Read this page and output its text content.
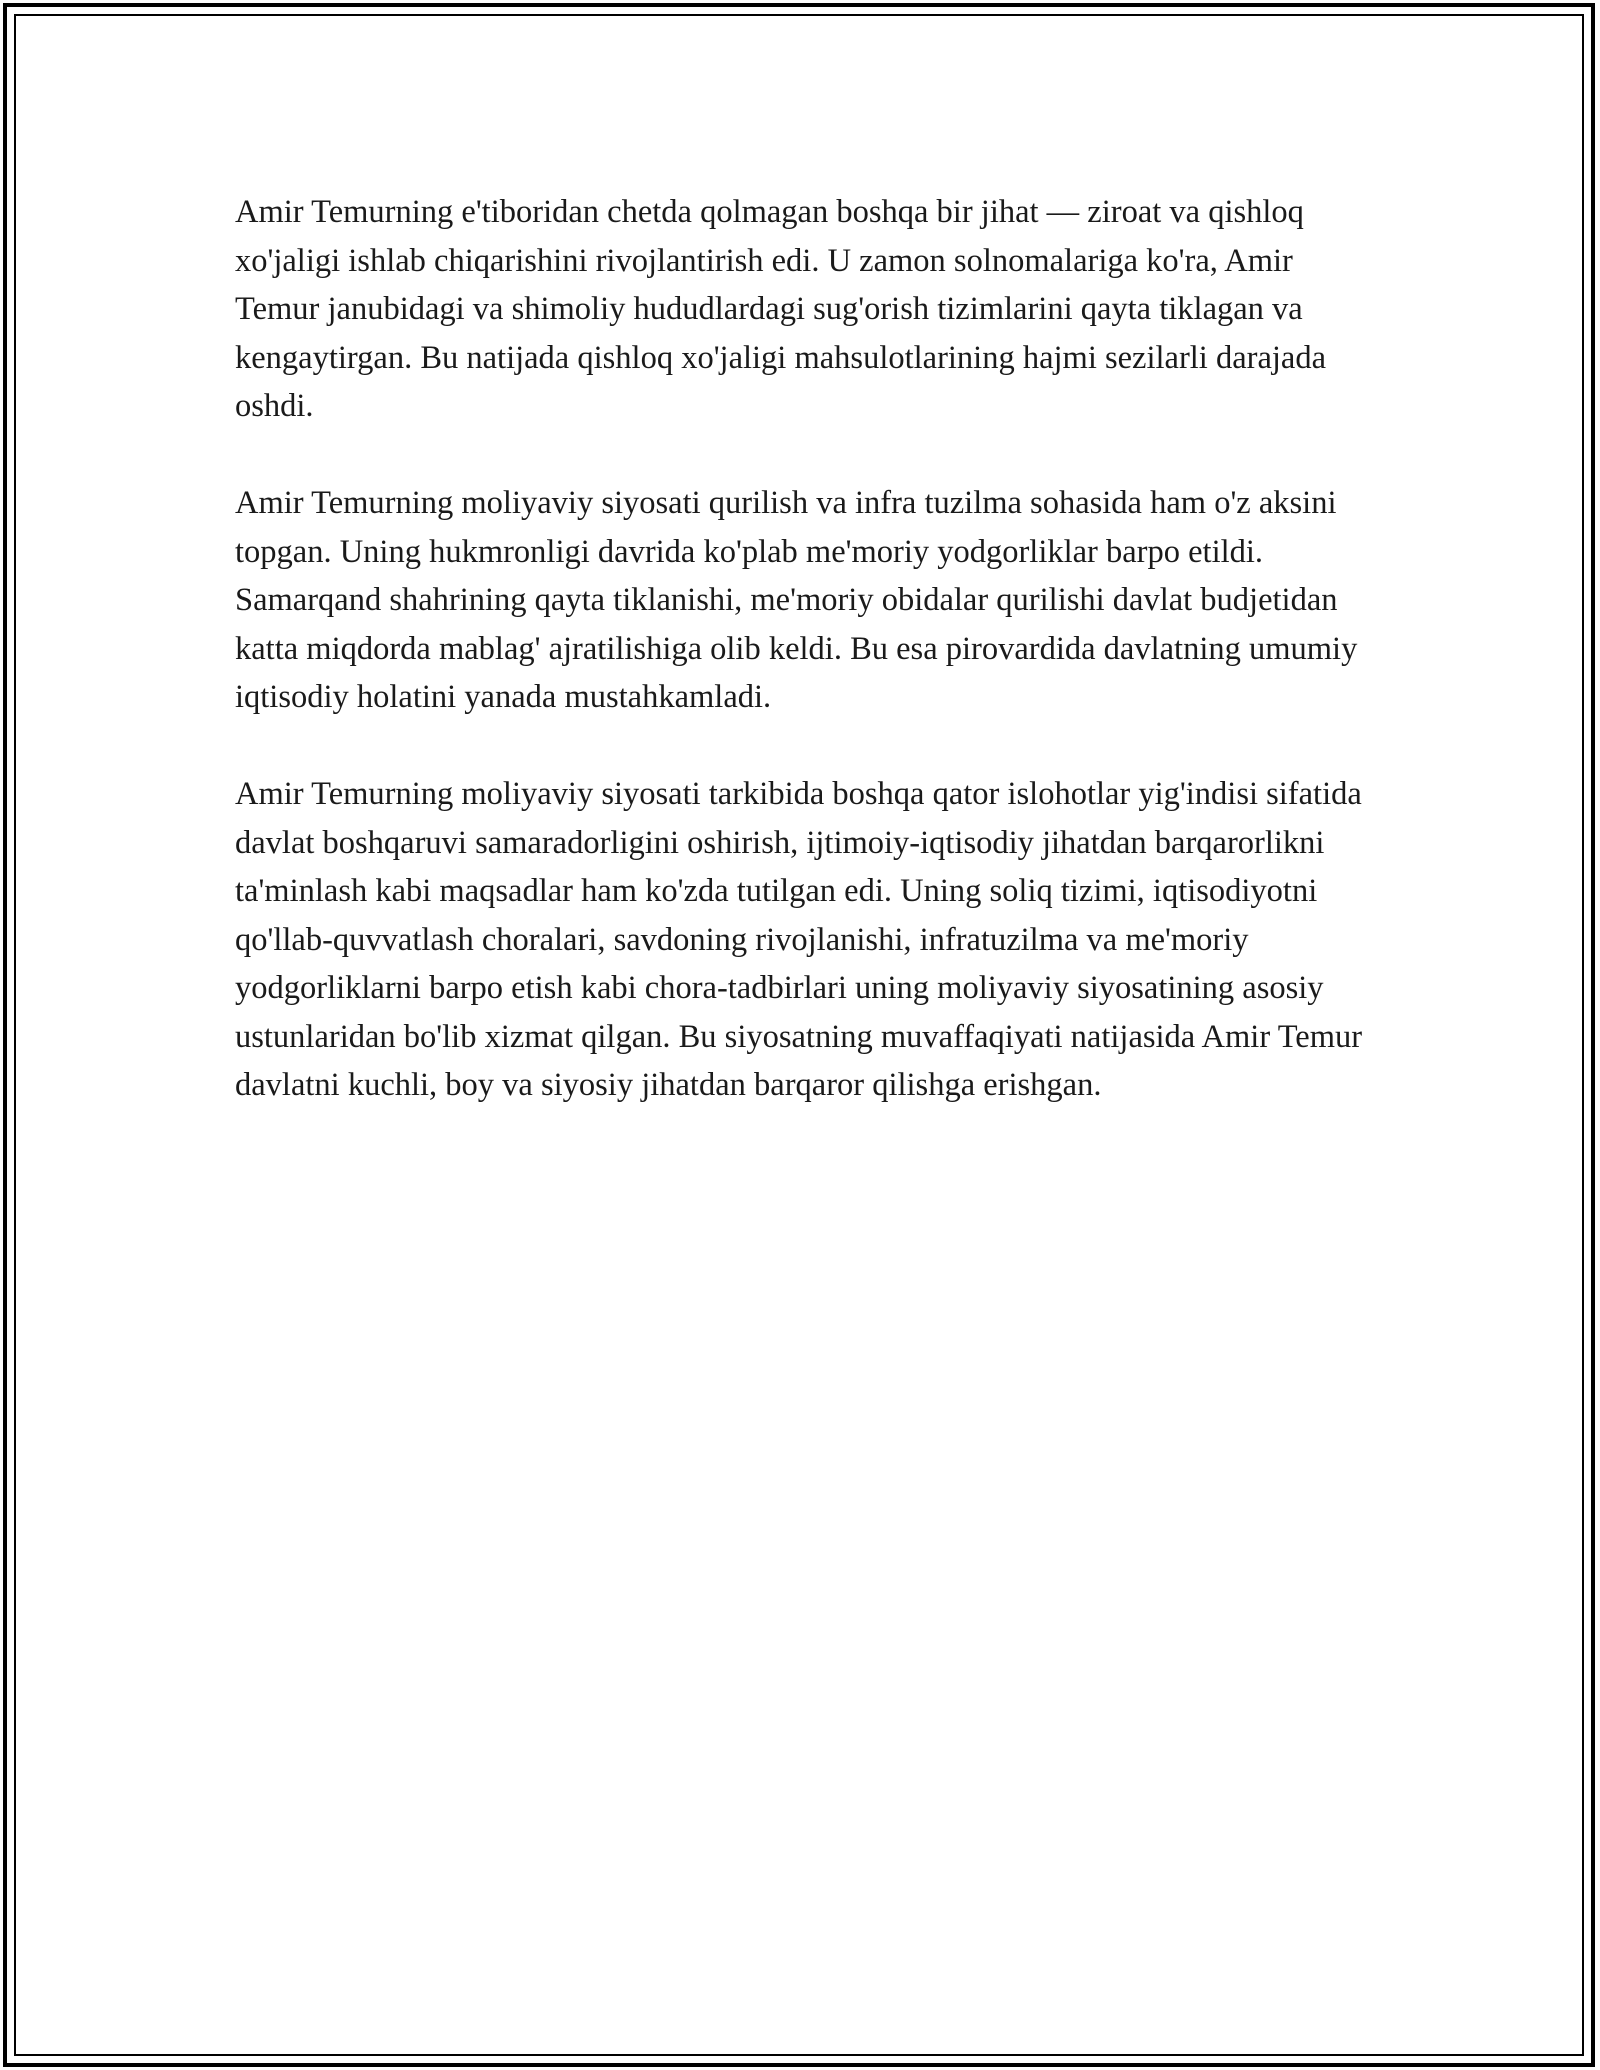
Amir Temurning e'tiboridan chetda qolmagan boshqa bir jihat — ziroat va qishloq xo'jaligi ishlab chiqarishini rivojlantirish edi. U zamon solnomalariga ko'ra, Amir Temur janubidagi va shimoliy hududlardagi sug'orish tizimlarini qayta tiklagan va kengaytirgan. Bu natijada qishloq xo'jaligi mahsulotlarining hajmi sezilarli darajada oshdi.

Amir Temurning moliyaviy siyosati qurilish va infra tuzilma sohasida ham o'z aksini topgan. Uning hukmronligi davrida ko'plab me'moriy yodgorliklar barpo etildi. Samarqand shahrining qayta tiklanishi, me'moriy obidalar qurilishi davlat budjetidan katta miqdorda mablag' ajratilishiga olib keldi. Bu esa pirovardida davlatning umumiy iqtisodiy holatini yanada mustahkamladi.

Amir Temurning moliyaviy siyosati tarkibida boshqa qator islohotlar yig'indisi sifatida davlat boshqaruvi samaradorligini oshirish, ijtimoiy-iqtisodiy jihatdan barqarorlikni ta'minlash kabi maqsadlar ham ko'zda tutilgan edi. Uning soliq tizimi, iqtisodiyotni qo'llab-quvvatlash choralari, savdoning rivojlanishi, infratuzilma va me'moriy yodgorliklarni barpo etish kabi chora-tadbirlari uning moliyaviy siyosatining asosiy ustunlaridan bo'lib xizmat qilgan. Bu siyosatning muvaffaqiyati natijasida Amir Temur davlatni kuchli, boy va siyosiy jihatdan barqaror qilishga erishgan.
